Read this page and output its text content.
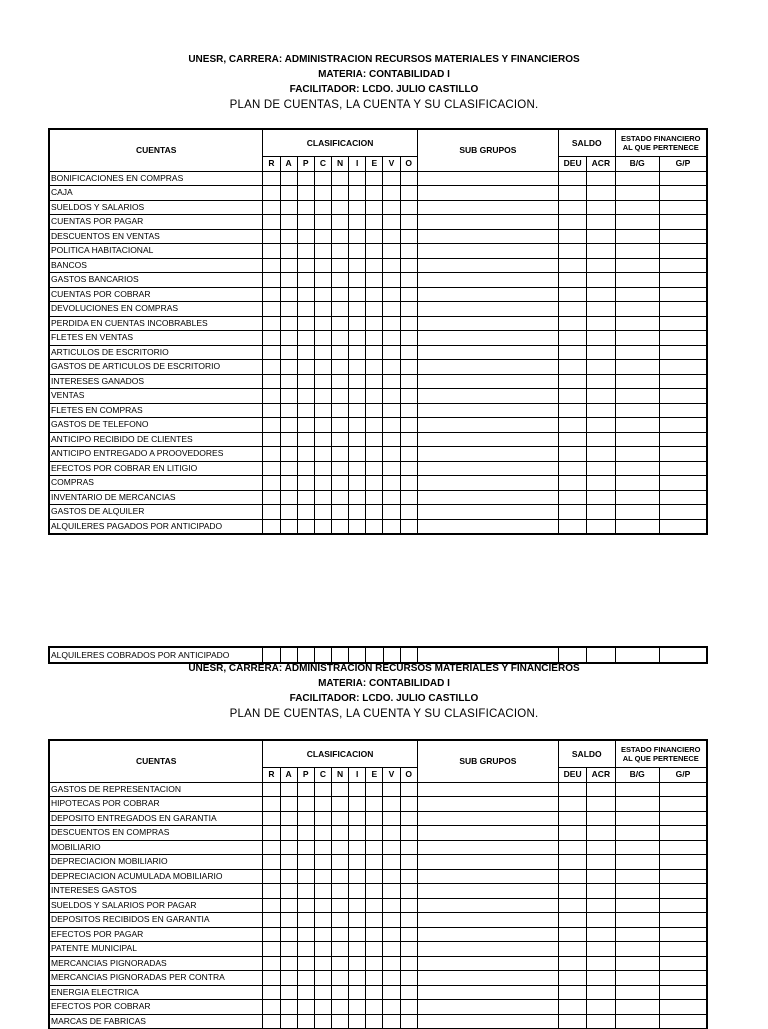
UNESR, CARRERA: ADMINISTRACION RECURSOS MATERIALES Y FINANCIEROS
MATERIA: CONTABILIDAD I
FACILITADOR: LCDO. JULIO CASTILLO
PLAN DE CUENTAS, LA CUENTA Y SU CLASIFICACION.
CUENTAS	CLASIFICACION									SUB GRUPOS	SALDO		ESTADO FINANCIERO AL QUE PERTENECE	
	R	A	P	C	N	I	E	V	O		DEU	ACR	B/G	G/P
BONIFICACIONES EN COMPRAS														
CAJA														
SUELDOS Y SALARIOS														
CUENTAS POR PAGAR														
DESCUENTOS EN VENTAS														
POLITICA HABITACIONAL														
BANCOS														
GASTOS BANCARIOS														
CUENTAS POR COBRAR														
DEVOLUCIONES EN COMPRAS														
PERDIDA EN CUENTAS INCOBRABLES														
FLETES EN VENTAS														
ARTICULOS DE ESCRITORIO														
GASTOS DE ARTICULOS DE ESCRITORIO														
INTERESES GANADOS														
VENTAS														
FLETES EN COMPRAS														
GASTOS DE TELEFONO														
ANTICIPO RECIBIDO DE CLIENTES														
ANTICIPO ENTREGADO A PROOVEDORES														
EFECTOS POR COBRAR EN LITIGIO														
COMPRAS														
INVENTARIO DE MERCANCIAS														
GASTOS DE ALQUILER														
ALQUILERES PAGADOS POR ANTICIPADO														
ALQUILERES COBRADOS POR ANTICIPADO														
UNESR, CARRERA: ADMINISTRACION RECURSOS MATERIALES Y FINANCIEROS
MATERIA: CONTABILIDAD I
FACILITADOR: LCDO. JULIO CASTILLO
PLAN DE CUENTAS, LA CUENTA Y SU CLASIFICACION.
CUENTAS	CLASIFICACION									SUB GRUPOS	SALDO		ESTADO FINANCIERO AL QUE PERTENECE	
	R	A	P	C	N	I	E	V	O		DEU	ACR	B/G	G/P
GASTOS DE REPRESENTACION														
HIPOTECAS POR COBRAR														
DEPOSITO ENTREGADOS EN GARANTIA														
DESCUENTOS EN COMPRAS														
MOBILIARIO														
DEPRECIACION MOBILIARIO														
DEPRECIACION ACUMULADA MOBILIARIO														
INTERESES GASTOS														
SUELDOS Y SALARIOS POR PAGAR														
DEPOSITOS RECIBIDOS EN GARANTIA														
EFECTOS POR PAGAR														
PATENTE MUNICIPAL														
MERCANCIAS PIGNORADAS														
MERCANCIAS PIGNORADAS PER CONTRA														
ENERGIA ELECTRICA														
EFECTOS POR COBRAR														
MARCAS DE FABRICAS														
